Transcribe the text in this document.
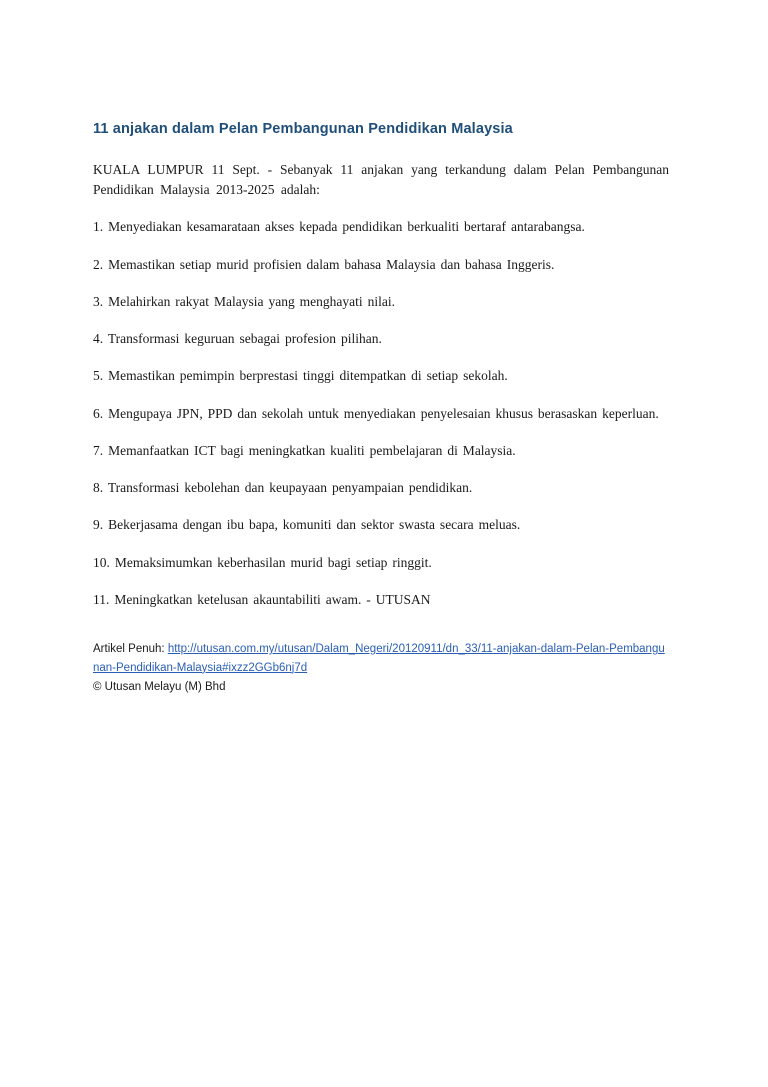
11 anjakan dalam Pelan Pembangunan Pendidikan Malaysia

KUALA LUMPUR 11 Sept. - Sebanyak 11 anjakan yang terkandung dalam Pelan Pembangunan Pendidikan Malaysia 2013-2025 adalah:

1. Menyediakan kesamarataan akses kepada pendidikan berkualiti bertaraf antarabangsa.

2. Memastikan setiap murid profisien dalam bahasa Malaysia dan bahasa Inggeris.

3. Melahirkan rakyat Malaysia yang menghayati nilai.

4. Transformasi keguruan sebagai profesion pilihan.

5. Memastikan pemimpin berprestasi tinggi ditempatkan di setiap sekolah.

6. Mengupaya JPN, PPD dan sekolah untuk menyediakan penyelesaian khusus berasaskan keperluan.

7. Memanfaatkan ICT bagi meningkatkan kualiti pembelajaran di Malaysia.

8. Transformasi kebolehan dan keupayaan penyampaian pendidikan.

9. Bekerjasama dengan ibu bapa, komuniti dan sektor swasta secara meluas.

10. Memaksimumkan keberhasilan murid bagi setiap ringgit.

11. Meningkatkan ketelusan akauntabiliti awam. - UTUSAN

Artikel Penuh: http://utusan.com.my/utusan/Dalam_Negeri/20120911/dn_33/11-anjakan-dalam-Pelan-Pembangunan-Pendidikan-Malaysia#ixzz2GGb6nj7d
© Utusan Melayu (M) Bhd
